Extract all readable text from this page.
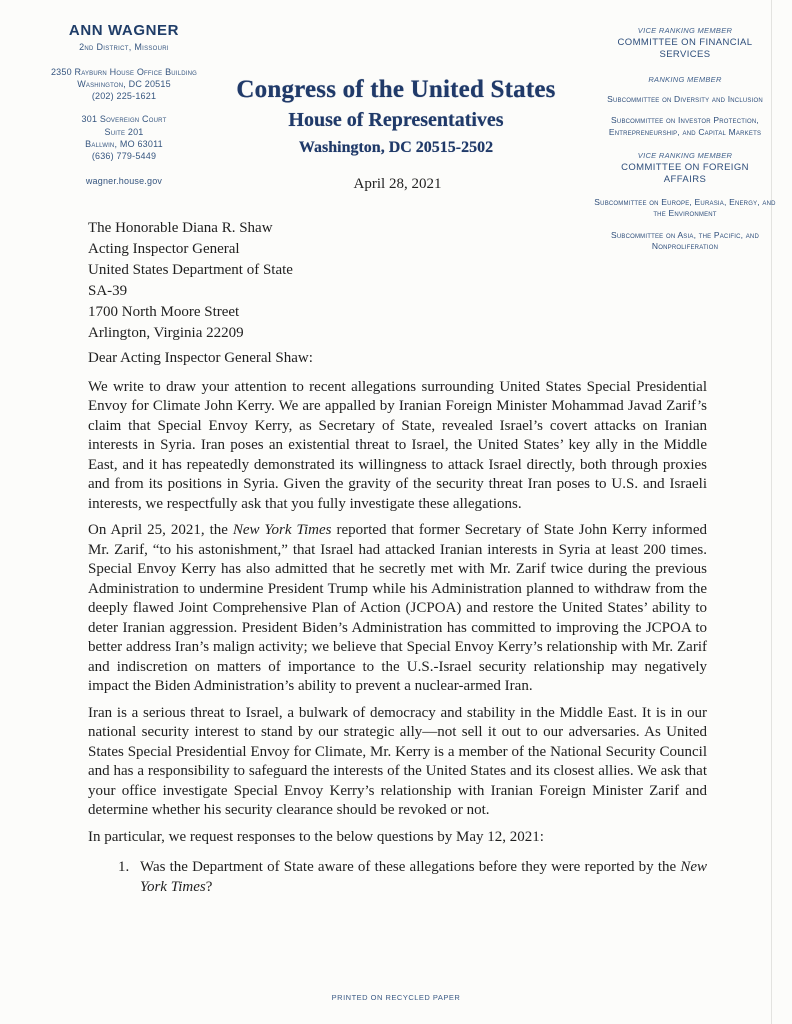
ANN WAGNER
2nd District, Missouri
2350 Rayburn House Office Building
Washington, DC 20515
(202) 225-1621
301 Sovereign Court
Suite 201
Ballwin, MO 63011
(636) 779-5449
wagner.house.gov
Congress of the United States
House of Representatives
Washington, DC 20515-2502
VICE RANKING MEMBER
COMMITTEE ON FINANCIAL SERVICES
RANKING MEMBER
Subcommittee on Diversity and Inclusion
Subcommittee on Investor Protection, Entrepreneurship, and Capital Markets
VICE RANKING MEMBER
COMMITTEE ON FOREIGN AFFAIRS
Subcommittee on Europe, Eurasia, Energy, and the Environment
Subcommittee on Asia, the Pacific, and Nonproliferation
April 28, 2021
The Honorable Diana R. Shaw
Acting Inspector General
United States Department of State
SA-39
1700 North Moore Street
Arlington, Virginia 22209

Dear Acting Inspector General Shaw:

We write to draw your attention to recent allegations surrounding United States Special Presidential Envoy for Climate John Kerry. We are appalled by Iranian Foreign Minister Mohammad Javad Zarif’s claim that Special Envoy Kerry, as Secretary of State, revealed Israel’s covert attacks on Iranian interests in Syria. Iran poses an existential threat to Israel, the United States’ key ally in the Middle East, and it has repeatedly demonstrated its willingness to attack Israel directly, both through proxies and from its positions in Syria. Given the gravity of the security threat Iran poses to U.S. and Israeli interests, we respectfully ask that you fully investigate these allegations.

On April 25, 2021, the New York Times reported that former Secretary of State John Kerry informed Mr. Zarif, “to his astonishment,” that Israel had attacked Iranian interests in Syria at least 200 times. Special Envoy Kerry has also admitted that he secretly met with Mr. Zarif twice during the previous Administration to undermine President Trump while his Administration planned to withdraw from the deeply flawed Joint Comprehensive Plan of Action (JCPOA) and restore the United States’ ability to deter Iranian aggression. President Biden’s Administration has committed to improving the JCPOA to better address Iran’s malign activity; we believe that Special Envoy Kerry’s relationship with Mr. Zarif and indiscretion on matters of importance to the U.S.-Israel security relationship may negatively impact the Biden Administration’s ability to prevent a nuclear-armed Iran.

Iran is a serious threat to Israel, a bulwark of democracy and stability in the Middle East. It is in our national security interest to stand by our strategic ally—not sell it out to our adversaries. As United States Special Presidential Envoy for Climate, Mr. Kerry is a member of the National Security Council and has a responsibility to safeguard the interests of the United States and its closest allies. We ask that your office investigate Special Envoy Kerry’s relationship with Iranian Foreign Minister Zarif and determine whether his security clearance should be revoked or not.

In particular, we request responses to the below questions by May 12, 2021:

1. Was the Department of State aware of these allegations before they were reported by the New York Times?
PRINTED ON RECYCLED PAPER
